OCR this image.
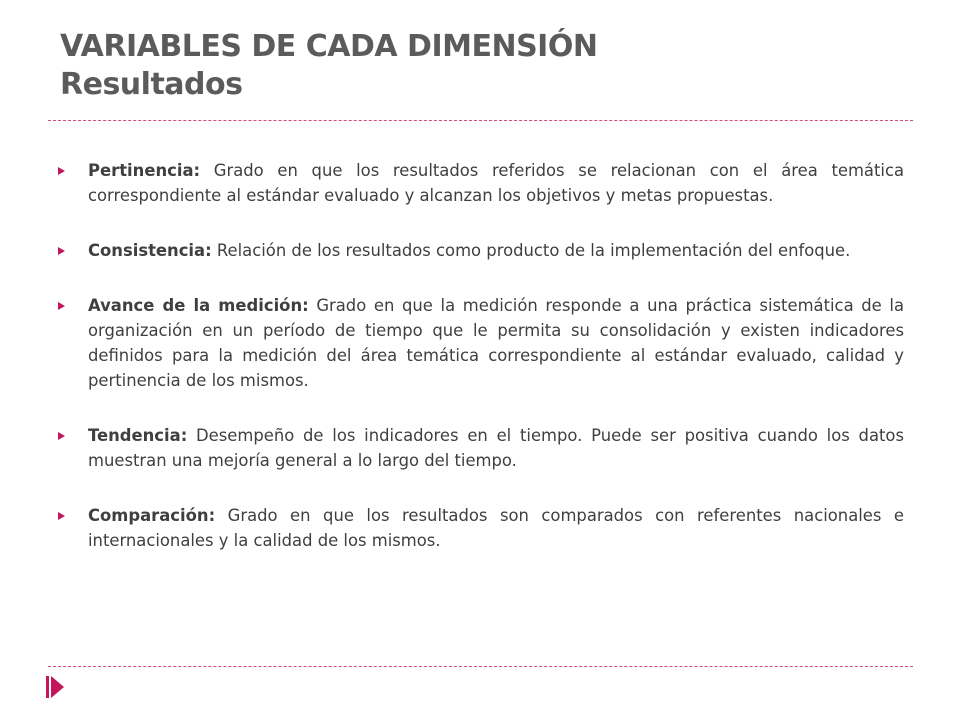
VARIABLES DE CADA DIMENSIÓN
Resultados
Pertinencia: Grado en que los resultados referidos se relacionan con el área temática correspondiente al estándar evaluado y alcanzan los objetivos y metas propuestas.
Consistencia: Relación de los resultados como producto de la implementación del enfoque.
Avance de la medición: Grado en que la medición responde a una práctica sistemática de la organización en un período de tiempo que le permita su consolidación y existen indicadores definidos para la medición del área temática correspondiente al estándar evaluado, calidad y pertinencia de los mismos.
Tendencia: Desempeño de los indicadores en el tiempo. Puede ser positiva cuando los datos muestran una mejoría general a lo largo del tiempo.
Comparación: Grado en que los resultados son comparados con referentes nacionales e internacionales y la calidad de los mismos.
